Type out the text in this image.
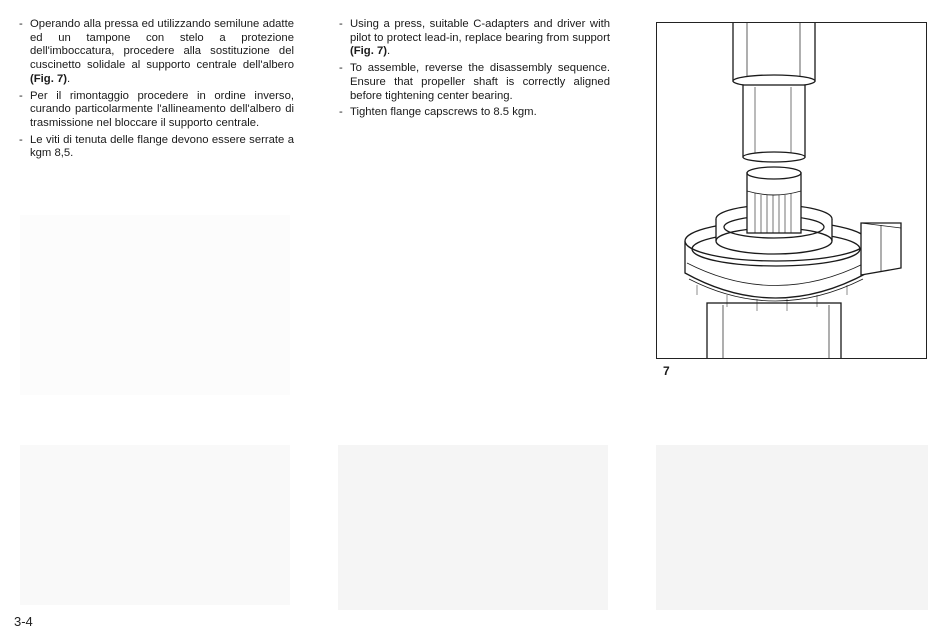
- Operando alla pressa ed utilizzando semilune adatte ed un tampone con stelo a protezione dell'imboccatura, procedere alla sostituzione del cuscinetto solidale al supporto centrale dell'albero (Fig. 7).
- Per il rimontaggio procedere in ordine inverso, curando particolarmente l'allineamento dell'albero di trasmissione nel bloccare il supporto centrale.
- Le viti di tenuta delle flange devono essere serrate a kgm 8,5.
- Using a press, suitable C-adapters and driver with pilot to protect lead-in, replace bearing from support (Fig. 7).
- To assemble, reverse the disassembly sequence. Ensure that propeller shaft is correctly aligned before tightening center bearing.
- Tighten flange capscrews to 8.5 kgm.
7
3-4
